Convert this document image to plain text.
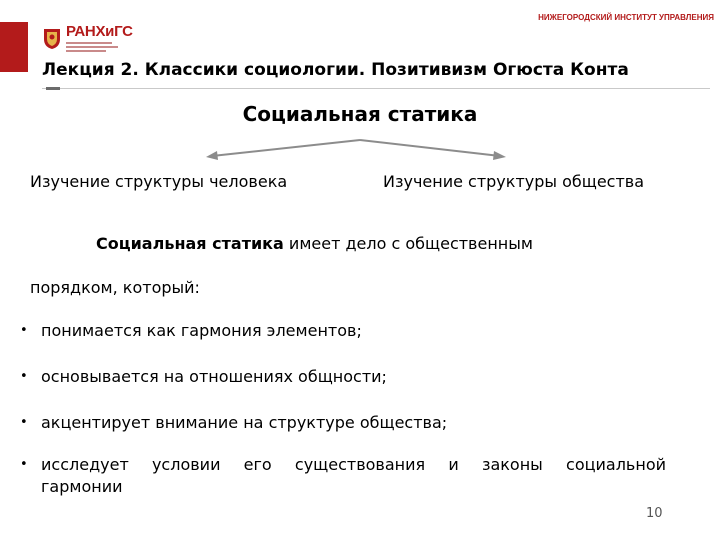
РАНХиГС
НИЖЕГОРОДСКИЙ ИНСТИТУТ УПРАВЛЕНИЯ
Лекция 2. Классики социологии. Позитивизм Огюста Конта
Социальная статика
Изучение структуры человека	Изучение структуры общества
Социальная статика имеет дело с общественным
порядком, который:
• понимается как гармония элементов;
• основывается на отношениях общности;
• акцентирует внимание на структуре общества;
• исследует условии его существования и законы социальной
гармонии
10
